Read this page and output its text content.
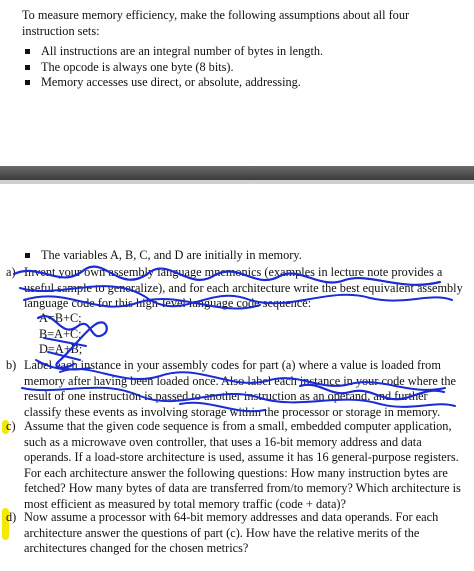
To measure memory efficiency, make the following assumptions about all four instruction sets:
All instructions are an integral number of bytes in length.
The opcode is always one byte (8 bits).
Memory accesses use direct, or absolute, addressing.
The variables A, B, C, and D are initially in memory.
a) Invent your own assembly language mnemonics (examples in lecture note provides a useful sample to generalize), and for each architecture write the best equivalent assembly language code for this high-level language code sequence:
A=B+C;
B=A+C;
D=A+B;
b) Label each instance in your assembly codes for part (a) where a value is loaded from memory after having been loaded once. Also label each instance in your code where the result of one instruction is passed to another instruction as an operand, and further classify these events as involving storage within the processor or storage in memory.
c) Assume that the given code sequence is from a small, embedded computer application, such as a microwave oven controller, that uses a 16-bit memory address and data operands. If a load-store architecture is used, assume it has 16 general-purpose registers. For each architecture answer the following questions: How many instruction bytes are fetched? How many bytes of data are transferred from/to memory? Which architecture is most efficient as measured by total memory traffic (code + data)?
d) Now assume a processor with 64-bit memory addresses and data operands. For each architecture answer the questions of part (c). How have the relative merits of the architectures changed for the chosen metrics?
